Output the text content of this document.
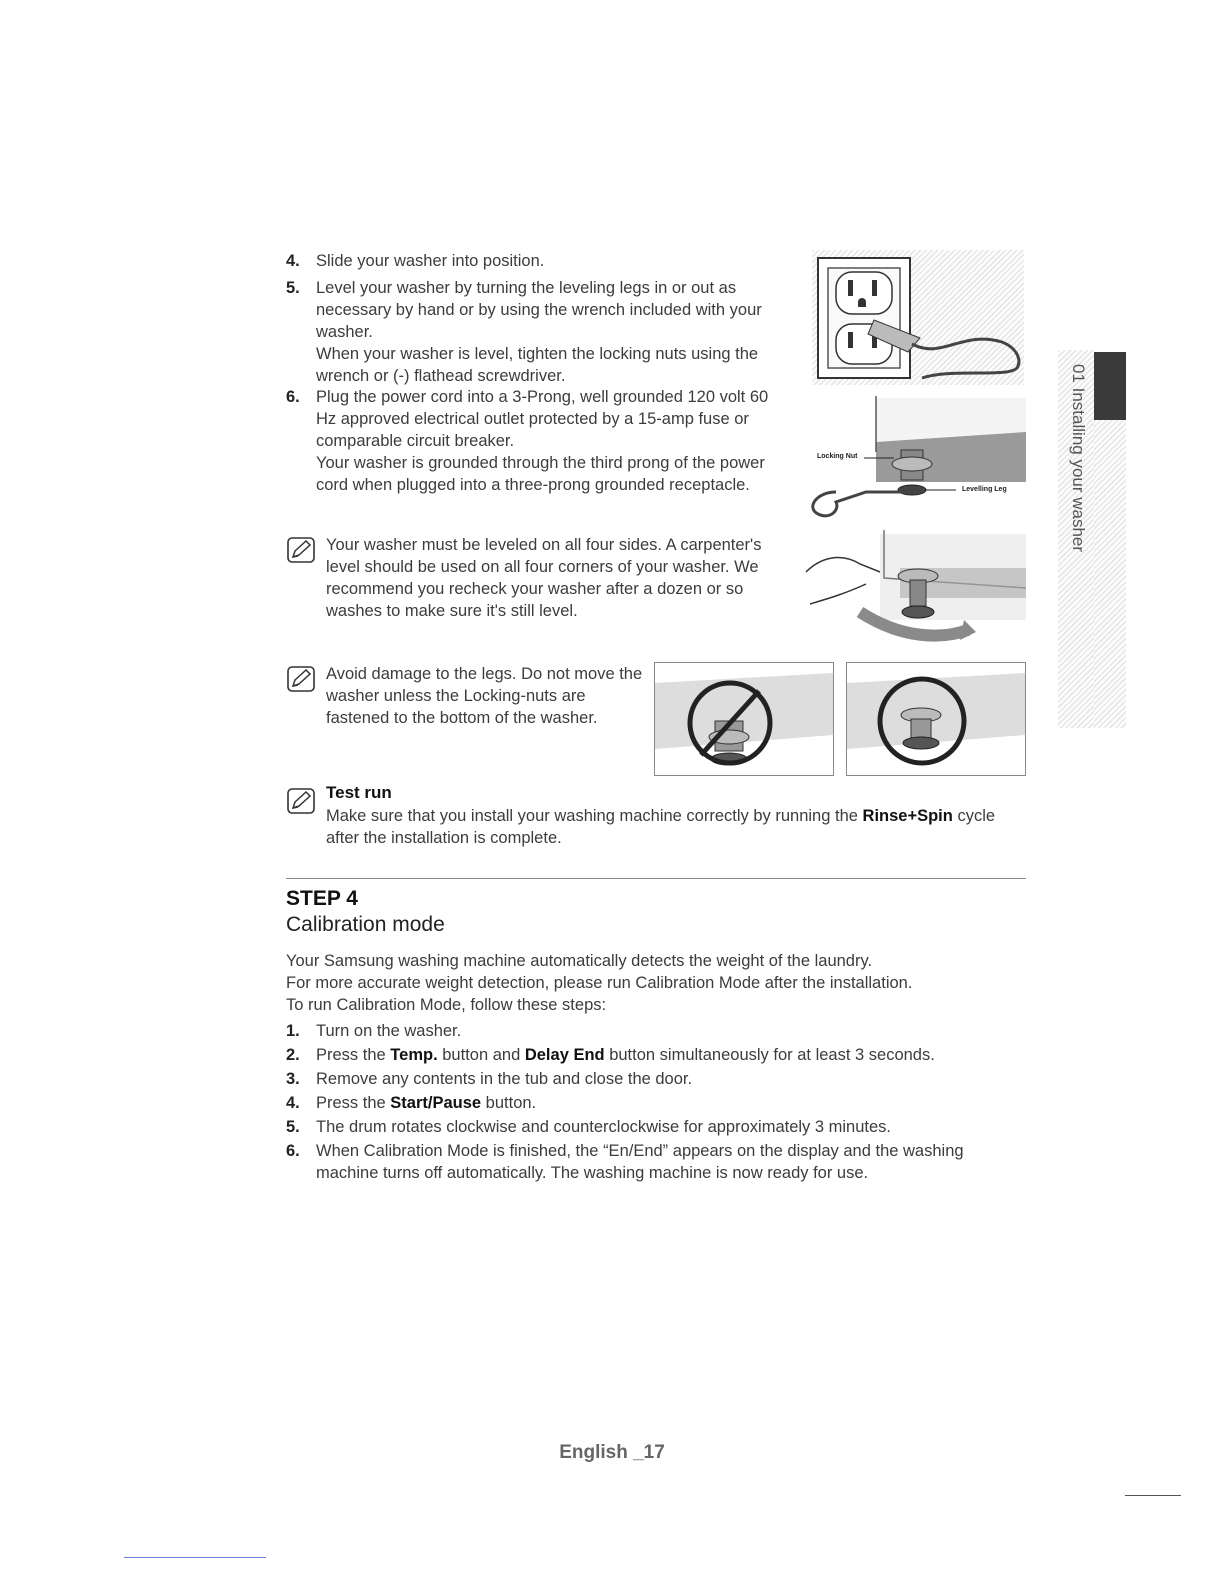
4. Slide your washer into position.
5. Level your washer by turning the leveling legs in or out as necessary by hand or by using the wrench included with your washer.
When your washer is level, tighten the locking nuts using the wrench or (-) flathead screwdriver.
6. Plug the power cord into a 3-Prong, well grounded 120 volt 60 Hz approved electrical outlet protected by a 15-amp fuse or comparable circuit breaker.
Your washer is grounded through the third prong of the power cord when plugged into a three-prong grounded receptacle.
Your washer must be leveled on all four sides. A carpenter's level should be used on all four corners of your washer. We recommend you recheck your washer after a dozen or so washes to make sure it's still level.
Avoid damage to the legs. Do not move the washer unless the Locking-nuts are fastened to the bottom of the washer.
Test run
Make sure that you install your washing machine correctly by running the Rinse+Spin cycle after the installation is complete.
Locking Nut
Levelling Leg
STEP 4
Calibration mode
Your Samsung washing machine automatically detects the weight of the laundry.
For more accurate weight detection, please run Calibration Mode after the installation.
To run Calibration Mode, follow these steps:
1. Turn on the washer.
2. Press the Temp. button and Delay End button simultaneously for at least 3 seconds.
3. Remove any contents in the tub and close the door.
4. Press the Start/Pause button.
5. The drum rotates clockwise and counterclockwise for approximately 3 minutes.
6. When Calibration Mode is finished, the “En/End” appears on the display and the washing machine turns off automatically. The washing machine is now ready for use.
01 Installing your washer
English _17
